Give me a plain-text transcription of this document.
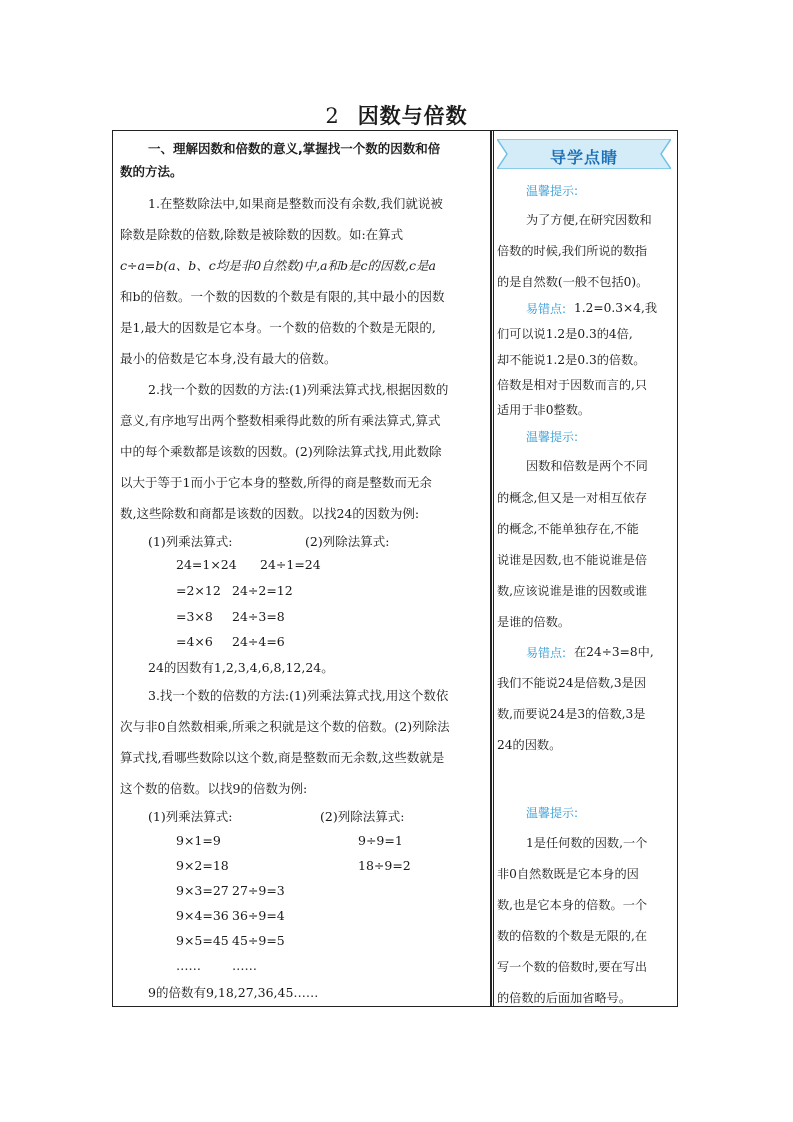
2 因数与倍数
一、理解因数和倍数的意义,掌握找一个数的因数和倍
数的方法。
1.在整数除法中,如果商是整数而没有余数,我们就说被
除数是除数的倍数,除数是被除数的因数。如:在算式
c÷a=b(a、b、c均是非0自然数)中,a和b是c的因数,c是a
和b的倍数。一个数的因数的个数是有限的,其中最小的因数
是1,最大的因数是它本身。一个数的倍数的个数是无限的,
最小的倍数是它本身,没有最大的倍数。
2.找一个数的因数的方法:(1)列乘法算式找,根据因数的
意义,有序地写出两个整数相乘得此数的所有乘法算式,算式
中的每个乘数都是该数的因数。(2)列除法算式找,用此数除
以大于等于1而小于它本身的整数,所得的商是整数而无余
数,这些除数和商都是该数的因数。以找24的因数为例:
(1)列乘法算式:	(2)列除法算式:
24=1×24
=2×12
=3×8
=4×6
24÷1=24
24÷2=12
24÷3=8
24÷4=6
24的因数有1,2,3,4,6,8,12,24。
3.找一个数的倍数的方法:(1)列乘法算式找,用这个数依
次与非0自然数相乘,所乘之积就是这个数的倍数。(2)列除法
算式找,看哪些数除以这个数,商是整数而无余数,这些数就是
这个数的倍数。以找9的倍数为例:
(1)列乘法算式:	(2)列除法算式:
9×1=9
9×2=18
9×3=27
9×4=36
9×5=45
……
9÷9=1
18÷9=2
27÷9=3
36÷9=4
45÷9=5
……
9的倍数有9,18,27,36,45……
导学点睛
温馨提示:
为了方便,在研究因数和
倍数的时候,我们所说的数指
的是自然数(一般不包括0)。
易错点: 1.2=0.3×4,我
们可以说1.2是0.3的4倍,
却不能说1.2是0.3的倍数。
倍数是相对于因数而言的,只
适用于非0整数。
温馨提示:
因数和倍数是两个不同
的概念,但又是一对相互依存
的概念,不能单独存在,不能
说谁是因数,也不能说谁是倍
数,应该说谁是谁的因数或谁
是谁的倍数。
易错点: 在24÷3=8中,
我们不能说24是倍数,3是因
数,而要说24是3的倍数,3是
24的因数。
温馨提示:
1是任何数的因数,一个
非0自然数既是它本身的因
数,也是它本身的倍数。一个
数的倍数的个数是无限的,在
写一个数的倍数时,要在写出
的倍数的后面加省略号。
